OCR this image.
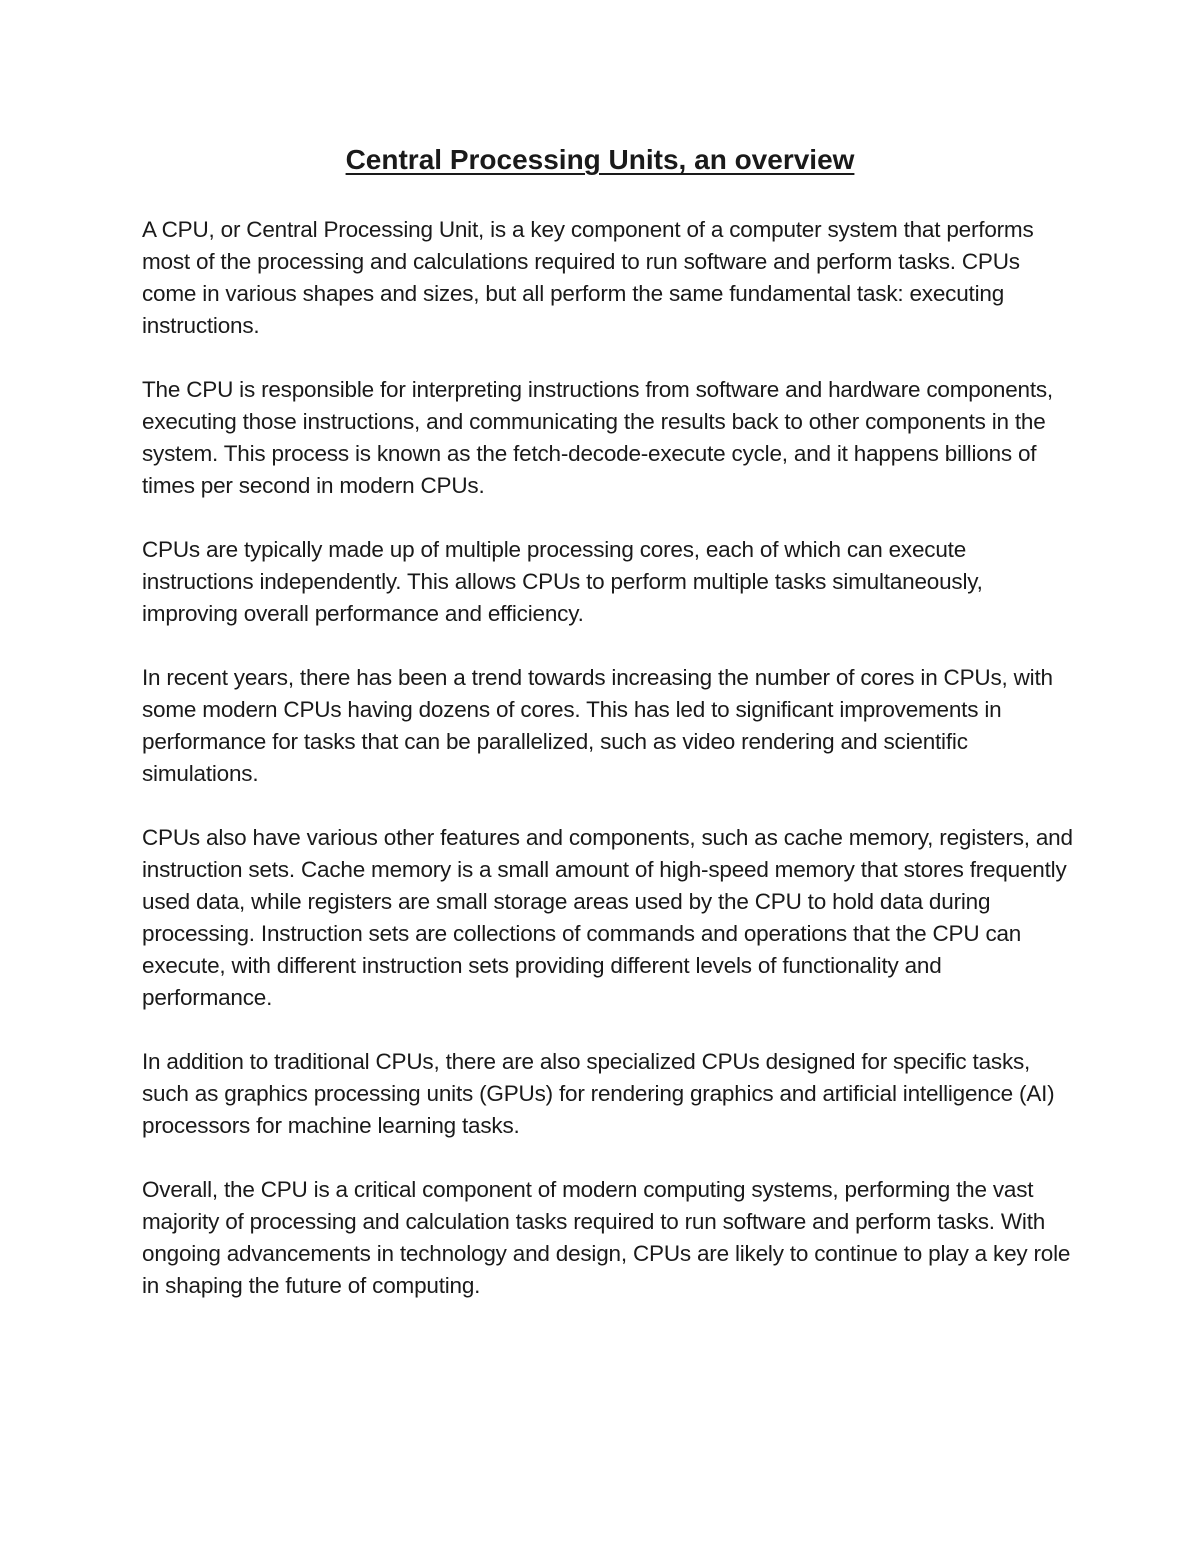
Central Processing Units, an overview

A CPU, or Central Processing Unit, is a key component of a computer system that performs most of the processing and calculations required to run software and perform tasks. CPUs come in various shapes and sizes, but all perform the same fundamental task: executing instructions.

The CPU is responsible for interpreting instructions from software and hardware components, executing those instructions, and communicating the results back to other components in the system. This process is known as the fetch-decode-execute cycle, and it happens billions of times per second in modern CPUs.

CPUs are typically made up of multiple processing cores, each of which can execute instructions independently. This allows CPUs to perform multiple tasks simultaneously, improving overall performance and efficiency.

In recent years, there has been a trend towards increasing the number of cores in CPUs, with some modern CPUs having dozens of cores. This has led to significant improvements in performance for tasks that can be parallelized, such as video rendering and scientific simulations.

CPUs also have various other features and components, such as cache memory, registers, and instruction sets. Cache memory is a small amount of high-speed memory that stores frequently used data, while registers are small storage areas used by the CPU to hold data during processing. Instruction sets are collections of commands and operations that the CPU can execute, with different instruction sets providing different levels of functionality and performance.

In addition to traditional CPUs, there are also specialized CPUs designed for specific tasks, such as graphics processing units (GPUs) for rendering graphics and artificial intelligence (AI) processors for machine learning tasks.

Overall, the CPU is a critical component of modern computing systems, performing the vast majority of processing and calculation tasks required to run software and perform tasks. With ongoing advancements in technology and design, CPUs are likely to continue to play a key role in shaping the future of computing.
